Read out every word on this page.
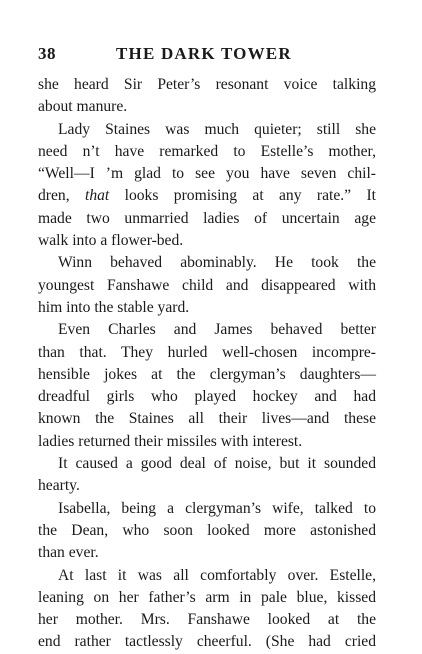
38	THE DARK TOWER
she heard Sir Peter’s resonant voice talking
about manure.
Lady Staines was much quieter; still she
need n’t have remarked to Estelle’s mother,
“Well—I ’m glad to see you have seven chil-
dren, that looks promising at any rate.” It
made two unmarried ladies of uncertain age
walk into a flower-bed.
Winn behaved abominably. He took the
youngest Fanshawe child and disappeared with
him into the stable yard.
Even Charles and James behaved better
than that. They hurled well-chosen incompre-
hensible jokes at the clergyman’s daughters—
dreadful girls who played hockey and had
known the Staines all their lives—and these
ladies returned their missiles with interest.
It caused a good deal of noise, but it sounded
hearty.
Isabella, being a clergyman’s wife, talked to
the Dean, who soon looked more astonished
than ever.
At last it was all comfortably over. Estelle,
leaning on her father’s arm in pale blue, kissed
her mother. Mrs. Fanshawe looked at the
end rather tactlessly cheerful. (She had cried
